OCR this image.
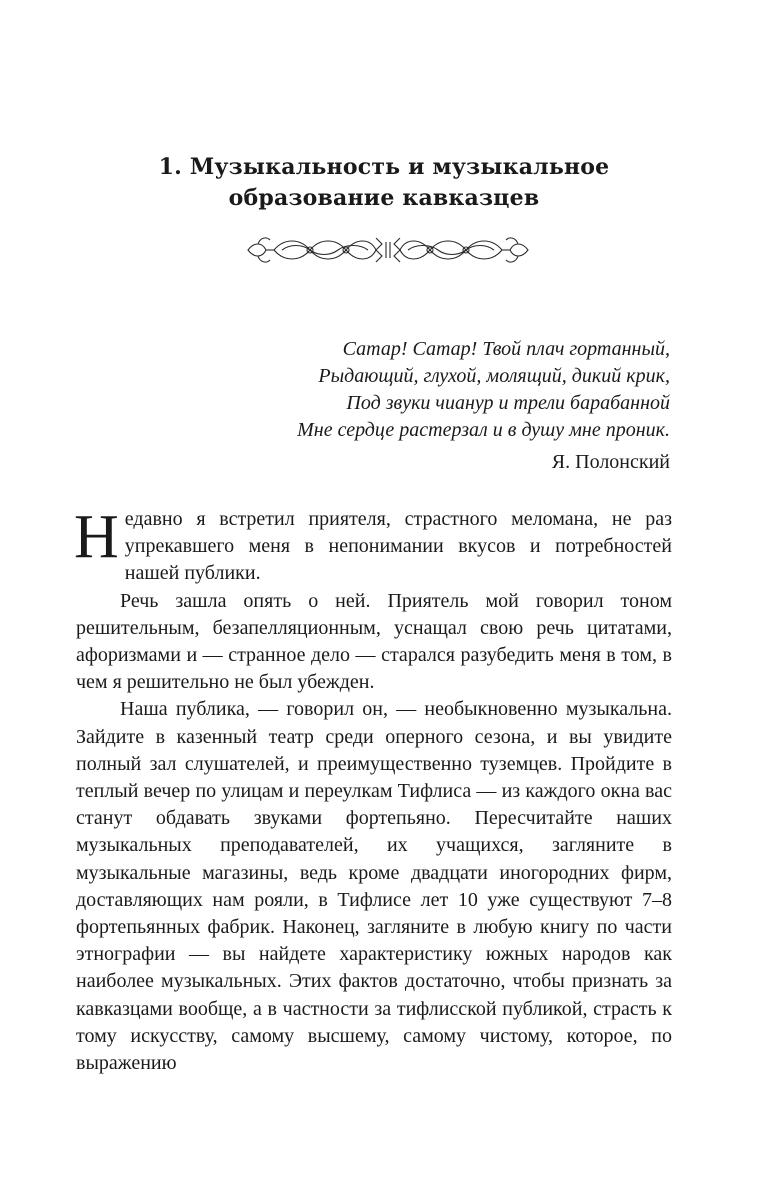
1. Музыкальность и музыкальное
образование кавказцев
Сатар! Сатар! Твой плач гортанный,
Рыдающий, глухой, молящий, дикий крик,
Под звуки чианур и трели барабанной
Мне сердце растерзал и в душу мне проник.
Я. Полонский

Недавно я встретил приятеля, страстного меломана, не раз упрекавшего меня в непонимании вкусов и потребностей нашей публики.

Речь зашла опять о ней. Приятель мой говорил тоном решительным, безапелляционным, уснащал свою речь цитатами, афоризмами и — странное дело — старался разубедить меня в том, в чем я решительно не был убежден.

Наша публика, — говорил он, — необыкновенно музыкальна. Зайдите в казенный театр среди оперного сезона, и вы увидите полный зал слушателей, и преимущественно туземцев. Пройдите в теплый вечер по улицам и переулкам Тифлиса — из каждого окна вас станут обдавать звуками фортепьяно. Пересчитайте наших музыкальных преподавателей, их учащихся, загляните в музыкальные магазины, ведь кроме двадцати иногородних фирм, доставляющих нам рояли, в Тифлисе лет 10 уже существуют 7–8 фортепьянных фабрик. Наконец, загляните в любую книгу по части этнографии — вы найдете характеристику южных народов как наиболее музыкальных. Этих фактов достаточно, чтобы признать за кавказцами вообще, а в частности за тифлисской публикой, страсть к тому искусству, самому высшему, самому чистому, которое, по выражению
